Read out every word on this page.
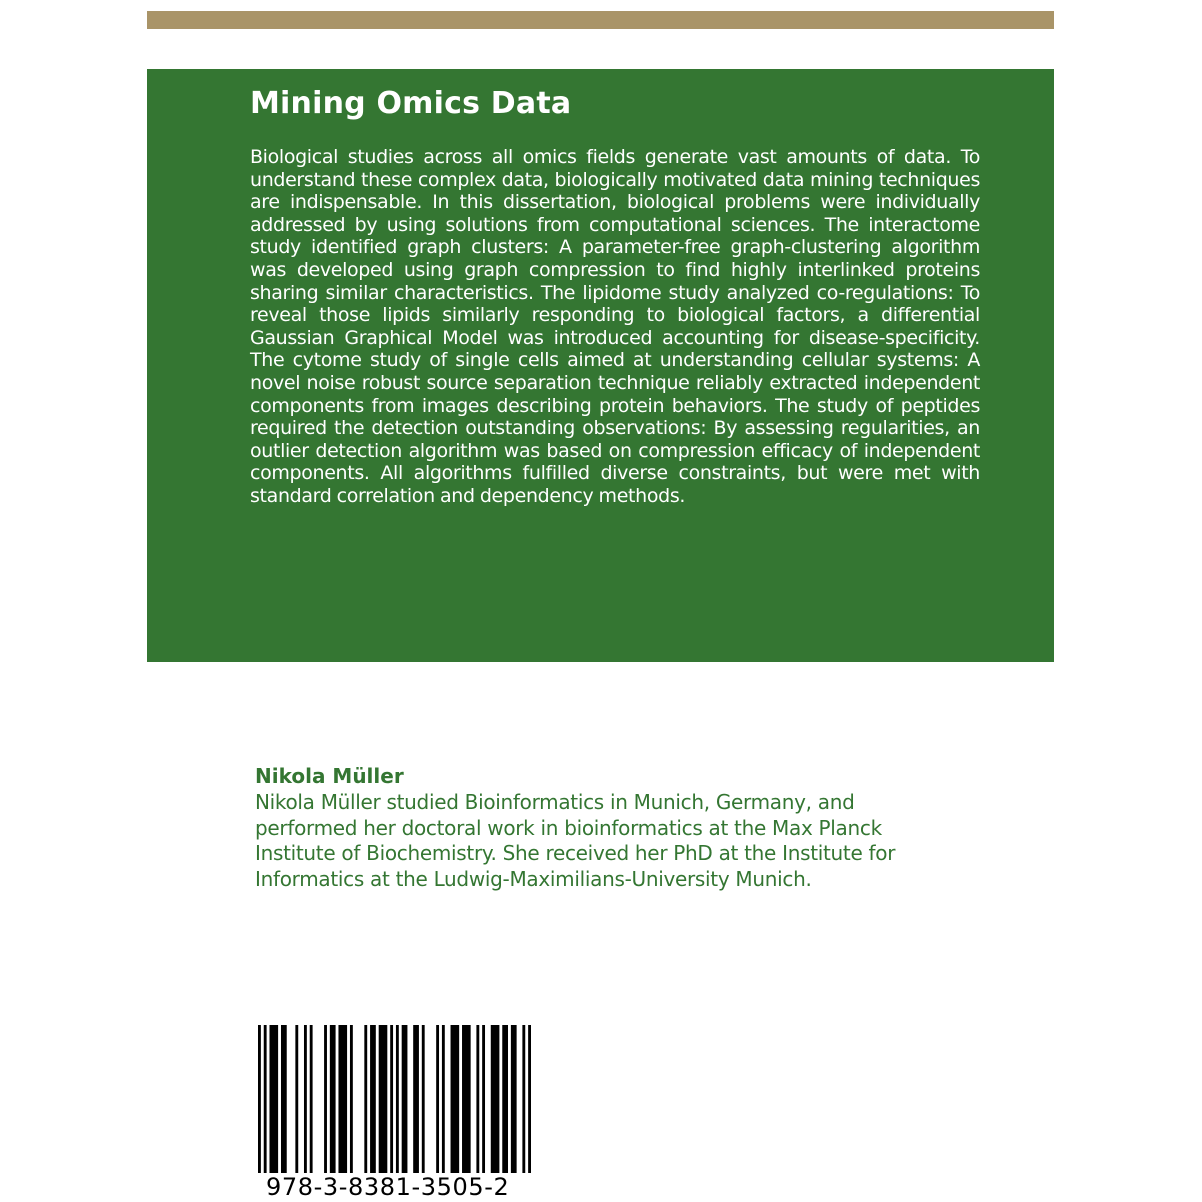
Mining Omics Data

Biological studies across all omics fields generate vast amounts of data. To understand these complex data, biologically motivated data mining techniques are indispensable. In this dissertation, biological problems were individually addressed by using solutions from computational sciences. The interactome study identified graph clusters: A parameter-free graph-clustering algorithm was developed using graph compression to find highly interlinked proteins sharing similar characteristics. The lipidome study analyzed co-regulations: To reveal those lipids similarly responding to biological factors, a differential Gaussian Graphical Model was introduced accounting for disease-specificity. The cytome study of single cells aimed at understanding cellular systems: A novel noise robust source separation technique reliably extracted independent components from images describing protein behaviors. The study of peptides required the detection outstanding observations: By assessing regularities, an outlier detection algorithm was based on compression efficacy of independent components. All algorithms fulfilled diverse constraints, but were met with standard correlation and dependency methods.

Nikola Müller

Nikola Müller studied Bioinformatics in Munich, Germany, and performed her doctoral work in bioinformatics at the Max Planck Institute of Biochemistry. She received her PhD at the Institute for Informatics at the Ludwig-Maximilians-University Munich.

978-3-8381-3505-2
